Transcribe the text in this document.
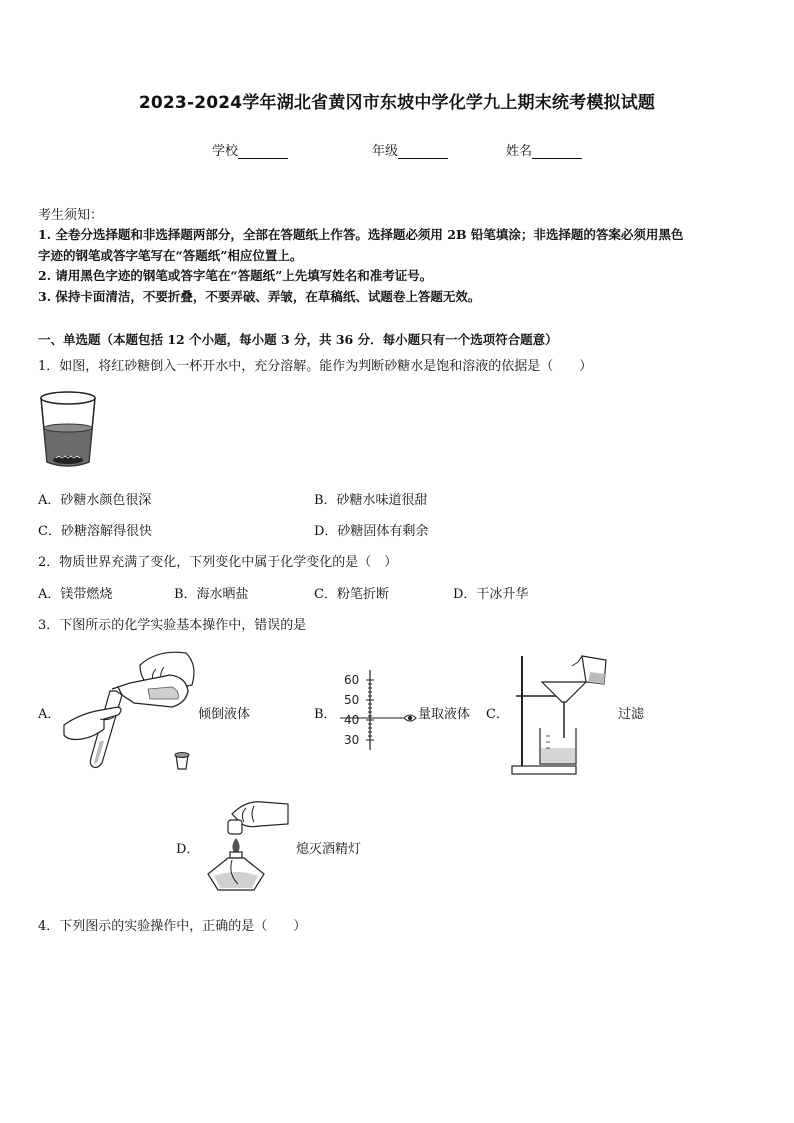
2023-2024学年湖北省黄冈市东坡中学化学九上期末统考模拟试题
学校	年级	姓名
考生须知：
1. 全卷分选择题和非选择题两部分，全部在答题纸上作答。选择题必须用 2B 铅笔填涂；非选择题的答案必须用黑色
字迹的钢笔或答字笔写在“答题纸”相应位置上。
2. 请用黑色字迹的钢笔或答字笔在“答题纸”上先填写姓名和准考证号。
3. 保持卡面清洁，不要折叠，不要弄破、弄皱，在草稿纸、试题卷上答题无效。
一、单选题（本题包括 12 个小题，每小题 3 分，共 36 分．每小题只有一个选项符合题意）
1．如图，将红砂糖倒入一杯开水中，充分溶解。能作为判断砂糖水是饱和溶液的依据是（　　）
A．砂糖水颜色很深	B．砂糖水味道很甜
C．砂糖溶解得很快	D．砂糖固体有剩余
2．物质世界充满了变化，下列变化中属于化学变化的是（　）
A．镁带燃烧	B．海水晒盐	C．粉笔折断	D．干冰升华
3．下图所示的化学实验基本操作中，错误的是
A．	倾倒液体	B．
60
50
40
30
量取液体 C．	过滤
D．	熄灭酒精灯
4．下列图示的实验操作中，正确的是（　　）
